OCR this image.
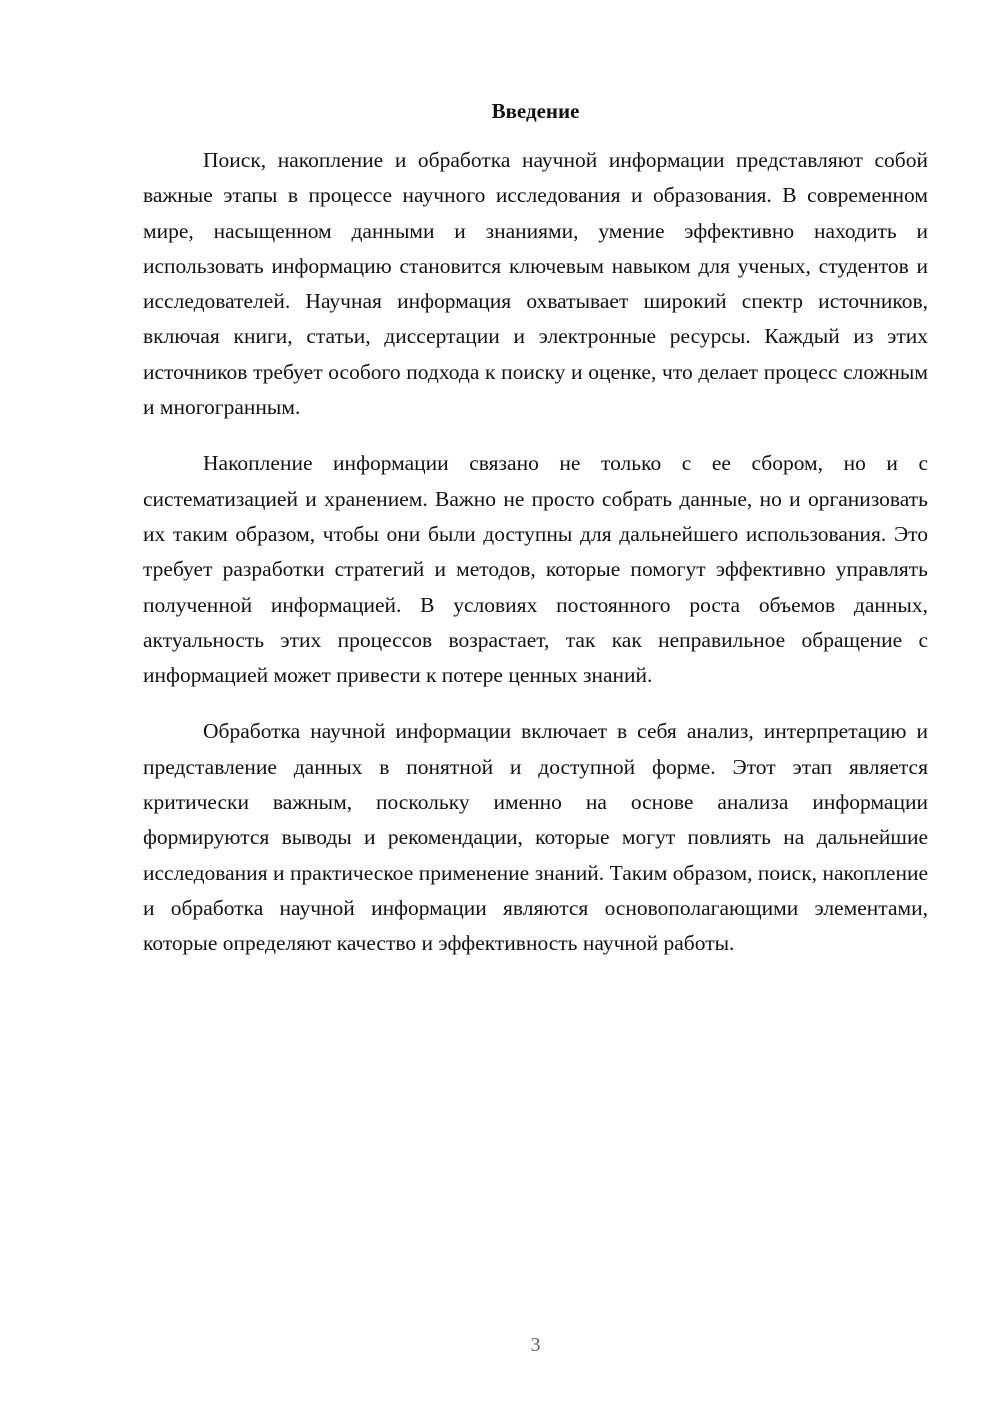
Введение

Поиск, накопление и обработка научной информации представляют собой важные этапы в процессе научного исследования и образования. В современном мире, насыщенном данными и знаниями, умение эффективно находить и использовать информацию становится ключевым навыком для ученых, студентов и исследователей. Научная информация охватывает широкий спектр источников, включая книги, статьи, диссертации и электронные ресурсы. Каждый из этих источников требует особого подхода к поиску и оценке, что делает процесс сложным и многогранным.

Накопление информации связано не только с ее сбором, но и с систематизацией и хранением. Важно не просто собрать данные, но и организовать их таким образом, чтобы они были доступны для дальнейшего использования. Это требует разработки стратегий и методов, которые помогут эффективно управлять полученной информацией. В условиях постоянного роста объемов данных, актуальность этих процессов возрастает, так как неправильное обращение с информацией может привести к потере ценных знаний.

Обработка научной информации включает в себя анализ, интерпретацию и представление данных в понятной и доступной форме. Этот этап является критически важным, поскольку именно на основе анализа информации формируются выводы и рекомендации, которые могут повлиять на дальнейшие исследования и практическое применение знаний. Таким образом, поиск, накопление и обработка научной информации являются основополагающими элементами, которые определяют качество и эффективность научной работы.

3
